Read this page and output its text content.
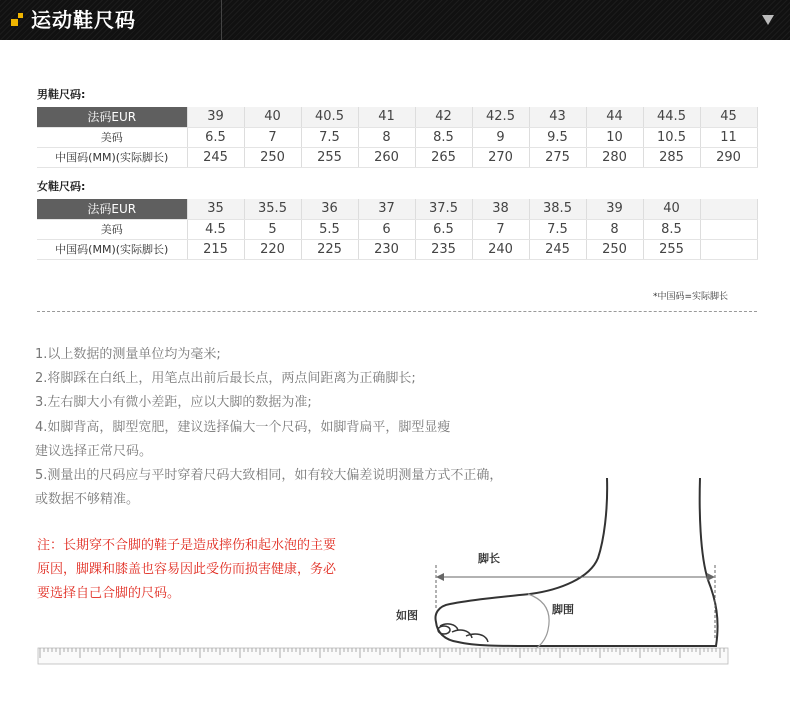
运动鞋尺码
男鞋尺码:
法码EUR	39	40	40.5	41	42	42.5	43	44	44.5	45
美码	6.5	7	7.5	8	8.5	9	9.5	10	10.5	11
中国码(MM)(实际脚长)	245	250	255	260	265	270	275	280	285	290
女鞋尺码:
法码EUR	35	35.5	36	37	37.5	38	38.5	39	40	
美码	4.5	5	5.5	6	6.5	7	7.5	8	8.5	
中国码(MM)(实际脚长)	215	220	225	230	235	240	245	250	255	
*中国码=实际脚长
1.以上数据的测量单位均为毫米;
2.将脚踩在白纸上，用笔点出前后最长点，两点间距离为正确脚长;
3.左右脚大小有微小差距，应以大脚的数据为准;
4.如脚背高，脚型宽肥，建议选择偏大一个尺码，如脚背扁平，脚型显瘦
建议选择正常尺码。
5.测量出的尺码应与平时穿着尺码大致相同，如有较大偏差说明测量方式不正确，
或数据不够精准。
注：长期穿不合脚的鞋子是造成摔伤和起水泡的主要
原因，脚踝和膝盖也容易因此受伤而损害健康，务必
要选择自己合脚的尺码。
脚长
脚围
如图
